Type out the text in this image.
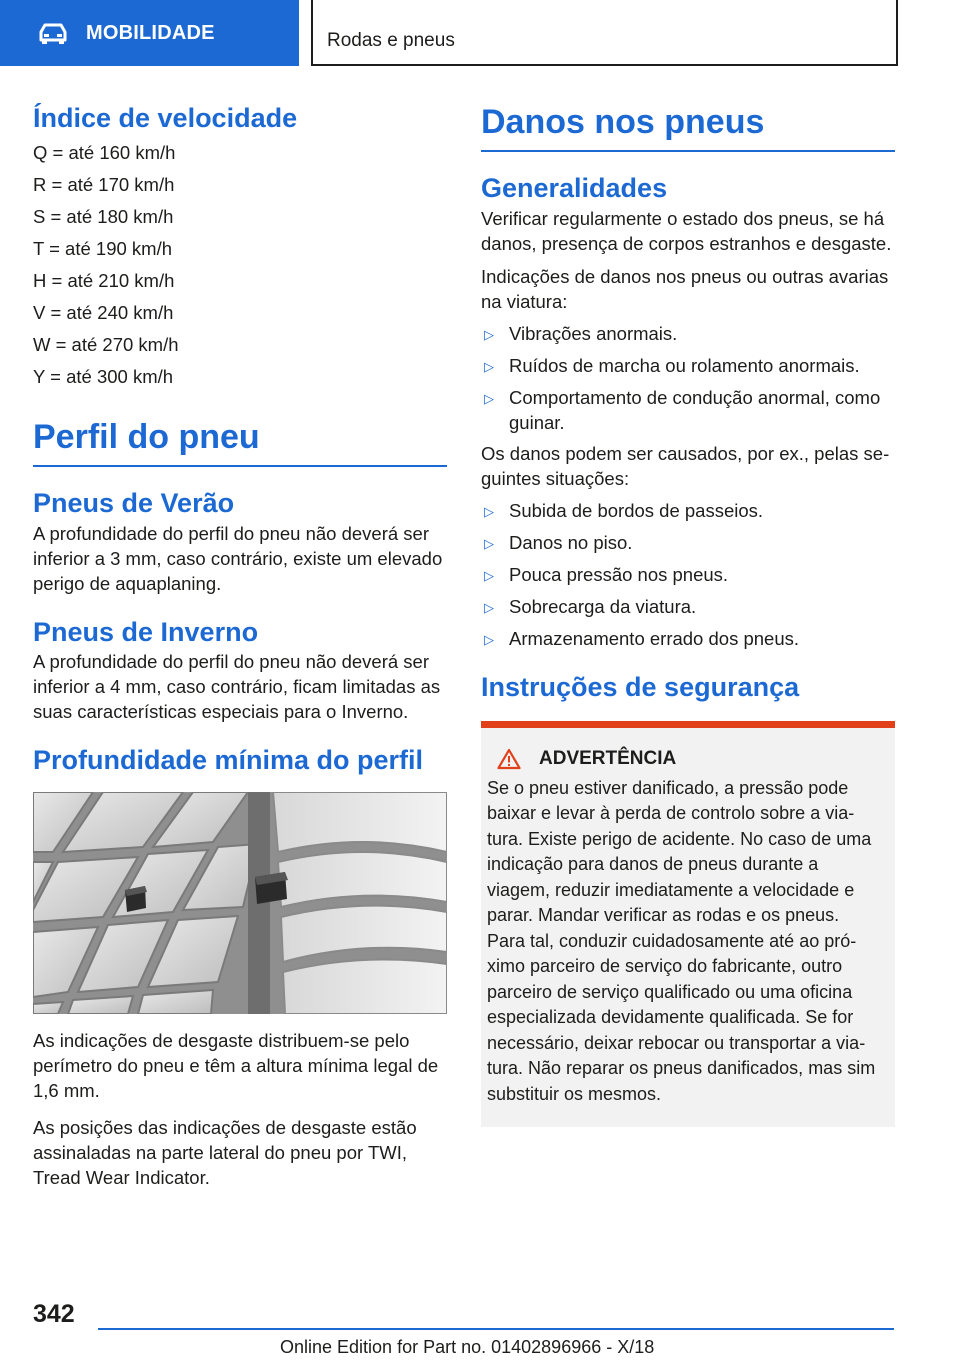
MOBILIDADE	Rodas e pneus
Índice de velocidade

Q = até 160 km/h

R = até 170 km/h

S = até 180 km/h

T = até 190 km/h

H = até 210 km/h

V = até 240 km/h

W = até 270 km/h

Y = até 300 km/h

Perfil do pneu
Pneus de Verão

A profundidade do perfil do pneu não deverá ser inferior a 3 mm, caso contrário, existe um elevado perigo de aquaplaning.

Pneus de Inverno

A profundidade do perfil do pneu não deverá ser inferior a 4 mm, caso contrário, ficam limitadas as suas características especiais para o Inverno.

Profundidade mínima do perfil

As indicações de desgaste distribuem-se pelo perímetro do pneu e têm a altura mínima legal de 1,6 mm.

As posições das indicações de desgaste estão assinaladas na parte lateral do pneu por TWI, Tread Wear Indicator.

Danos nos pneus
Generalidades

Verificar regularmente o estado dos pneus, se há danos, presença de corpos estranhos e desgaste.

Indicações de danos nos pneus ou outras avarias na viatura:

▷ Vibrações anormais.
▷ Ruídos de marcha ou rolamento anormais.
▷ Comportamento de condução anormal, como guinar.

Os danos podem ser causados, por ex., pelas seguintes situações:

▷ Subida de bordos de passeios.
▷ Danos no piso.
▷ Pouca pressão nos pneus.
▷ Sobrecarga da viatura.
▷ Armazenamento errado dos pneus.
Instruções de segurança
ADVERTÊNCIA

Se o pneu estiver danificado, a pressão pode baixar e levar à perda de controlo sobre a viatura. Existe perigo de acidente. No caso de uma indicação para danos de pneus durante a viagem, reduzir imediatamente a velocidade e parar. Mandar verificar as rodas e os pneus. Para tal, conduzir cuidadosamente até ao próximo parceiro de serviço do fabricante, outro parceiro de serviço qualificado ou uma oficina especializada devidamente qualificada. Se for necessário, deixar rebocar ou transportar a viatura. Não reparar os pneus danificados, mas sim substituir os mesmos.

342
Online Edition for Part no. 01402896966 - X/18
